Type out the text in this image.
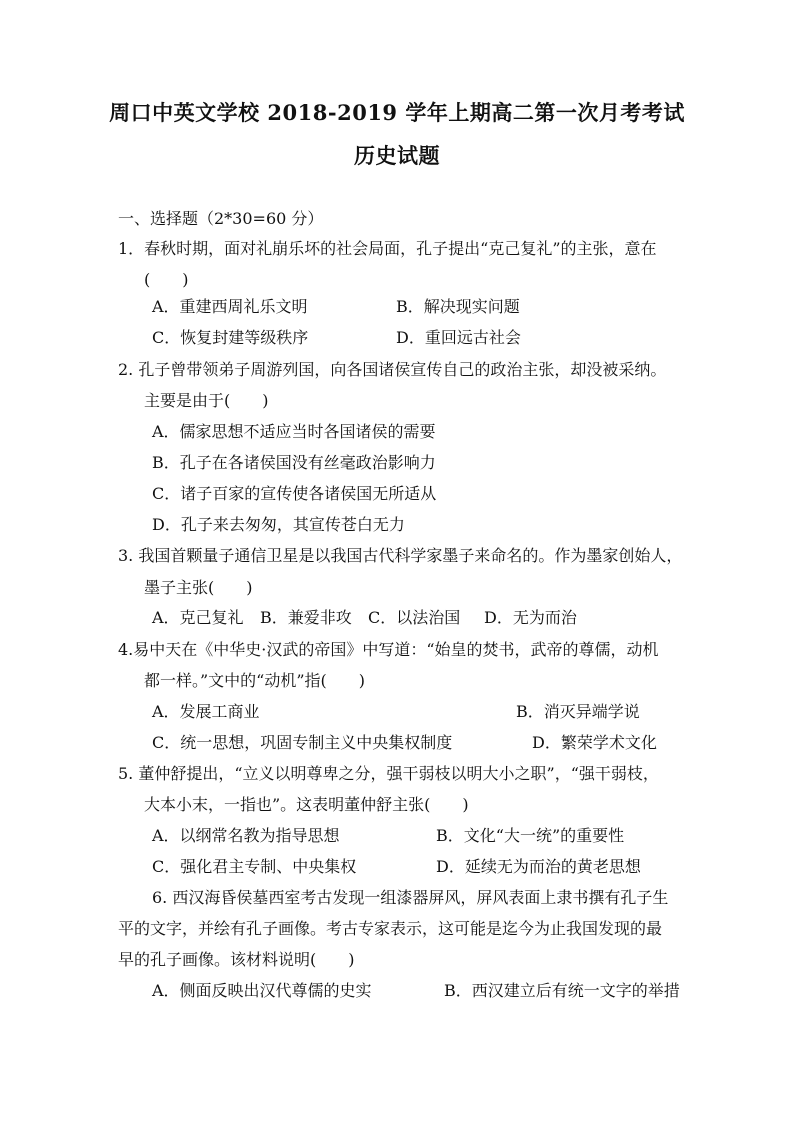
周口中英文学校 2018-2019 学年上期高二第一次月考考试
历史试题
一、选择题（2*30=60 分）
1．春秋时期，面对礼崩乐坏的社会局面，孔子提出“克己复礼”的主张，意在
(　　)
A．重建西周礼乐文明	B．解决现实问题
C．恢复封建等级秩序	D．重回远古社会
2. 孔子曾带领弟子周游列国，向各国诸侯宣传自己的政治主张，却没被采纳。
主要是由于(　　)
A．儒家思想不适应当时各国诸侯的需要
B．孔子在各诸侯国没有丝毫政治影响力
C．诸子百家的宣传使各诸侯国无所适从
D．孔子来去匆匆，其宣传苍白无力
3. 我国首颗量子通信卫星是以我国古代科学家墨子来命名的。作为墨家创始人，
墨子主张(　　)
A．克己复礼 B．兼爱非攻 C．以法治国 D．无为而治
4.易中天在《中华史·汉武的帝国》中写道：“始皇的焚书，武帝的尊儒，动机
都一样。”文中的“动机”指(　　)
A．发展工商业	B．消灭异端学说
C．统一思想，巩固专制主义中央集权制度	D．繁荣学术文化
5. 董仲舒提出，“立义以明尊卑之分，强干弱枝以明大小之职”，“强干弱枝，
大本小末，一指也”。这表明董仲舒主张(　　)
A．以纲常名教为指导思想	B．文化“大一统”的重要性
C．强化君主专制、中央集权	D．延续无为而治的黄老思想
6. 西汉海昏侯墓西室考古发现一组漆器屏风，屏风表面上隶书撰有孔子生
平的文字，并绘有孔子画像。考古专家表示，这可能是迄今为止我国发现的最
早的孔子画像。该材料说明(　　)
A．侧面反映出汉代尊儒的史实	B．西汉建立后有统一文字的举措
